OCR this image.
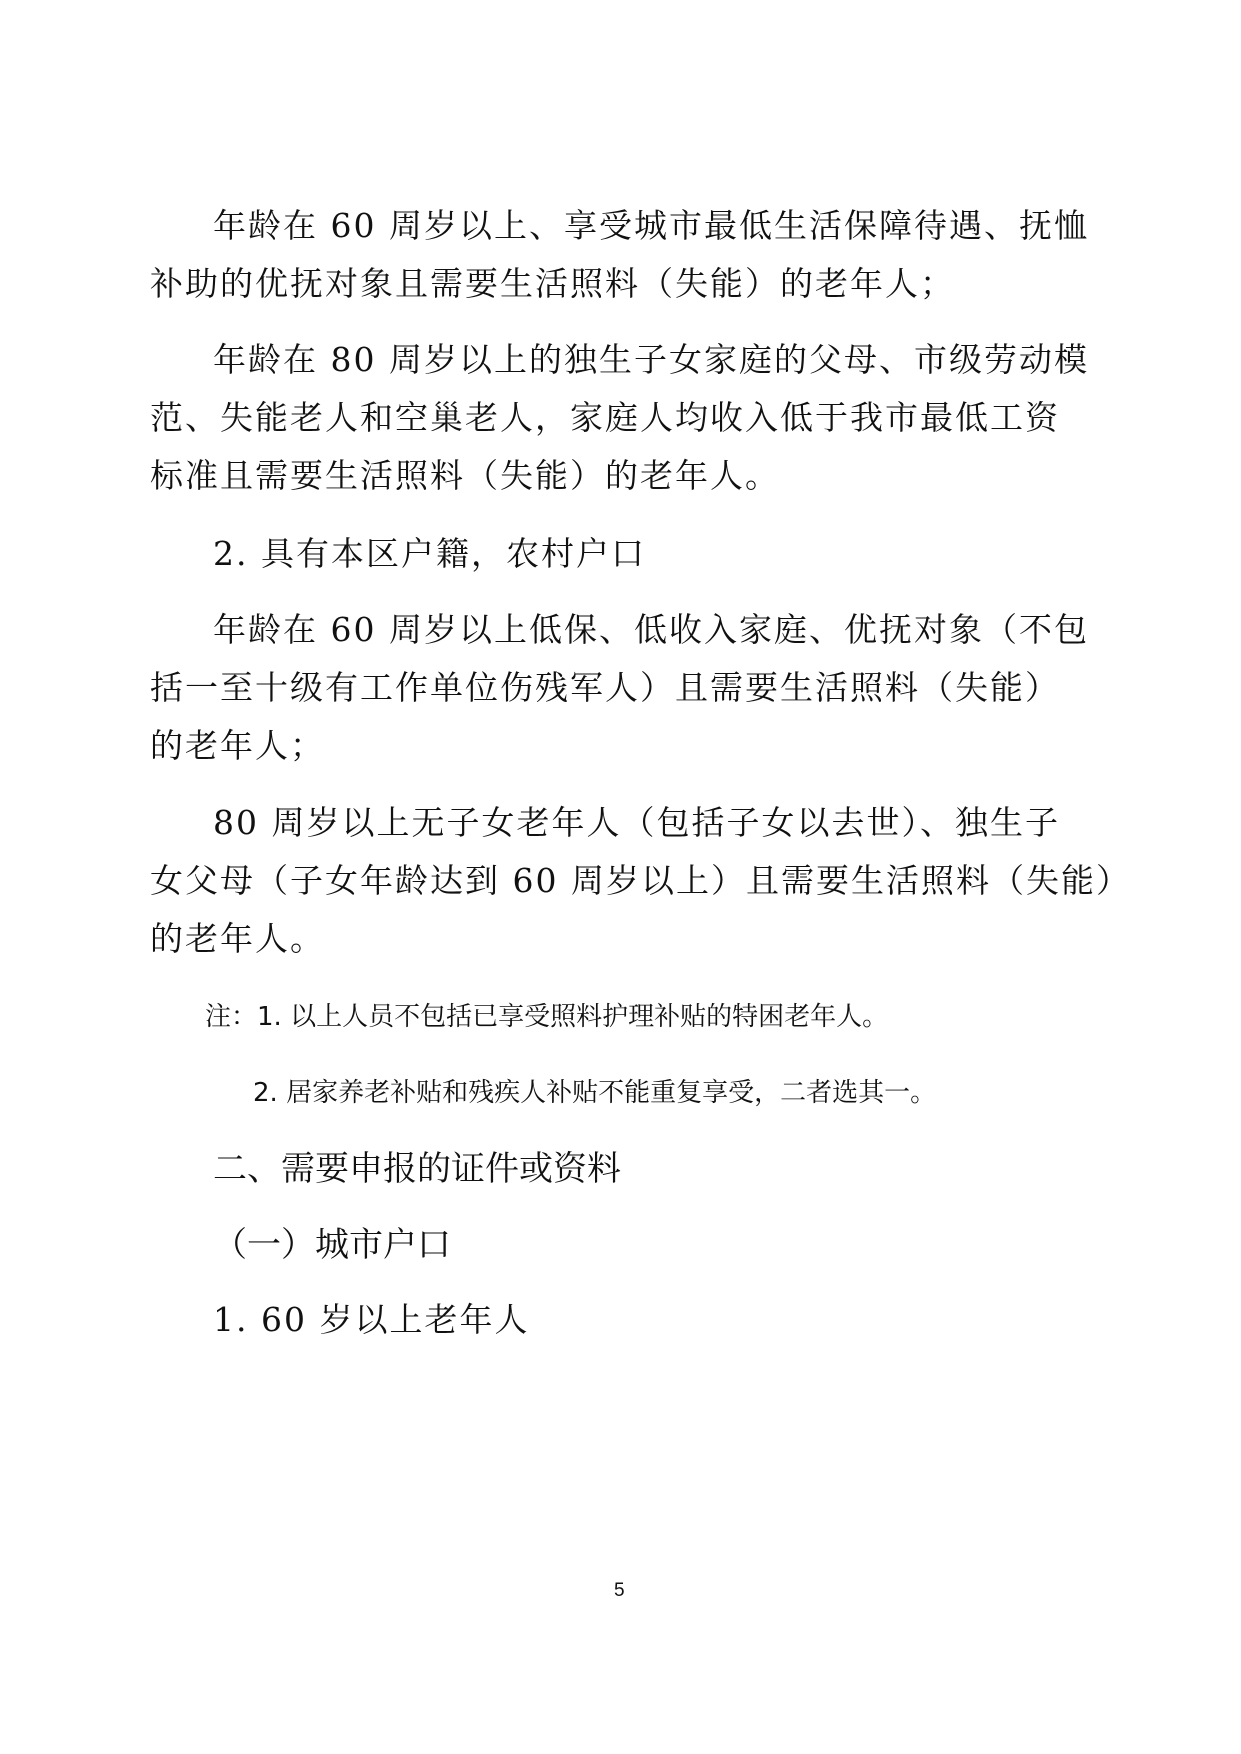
年龄在 60 周岁以上、享受城市最低生活保障待遇、抚恤
补助的优抚对象且需要生活照料（失能）的老年人；
年龄在 80 周岁以上的独生子女家庭的父母、市级劳动模
范、失能老人和空巢老人，家庭人均收入低于我市最低工资
标准且需要生活照料（失能）的老年人。
2. 具有本区户籍，农村户口
年龄在 60 周岁以上低保、低收入家庭、优抚对象（不包
括一至十级有工作单位伤残军人）且需要生活照料（失能）
的老年人；
80 周岁以上无子女老年人（包括子女以去世）、独生子
女父母（子女年龄达到 60 周岁以上）且需要生活照料（失能）
的老年人。
注：1. 以上人员不包括已享受照料护理补贴的特困老年人。
2. 居家养老补贴和残疾人补贴不能重复享受，二者选其一。
二、需要申报的证件或资料
（一）城市户口
1. 60 岁以上老年人
5
